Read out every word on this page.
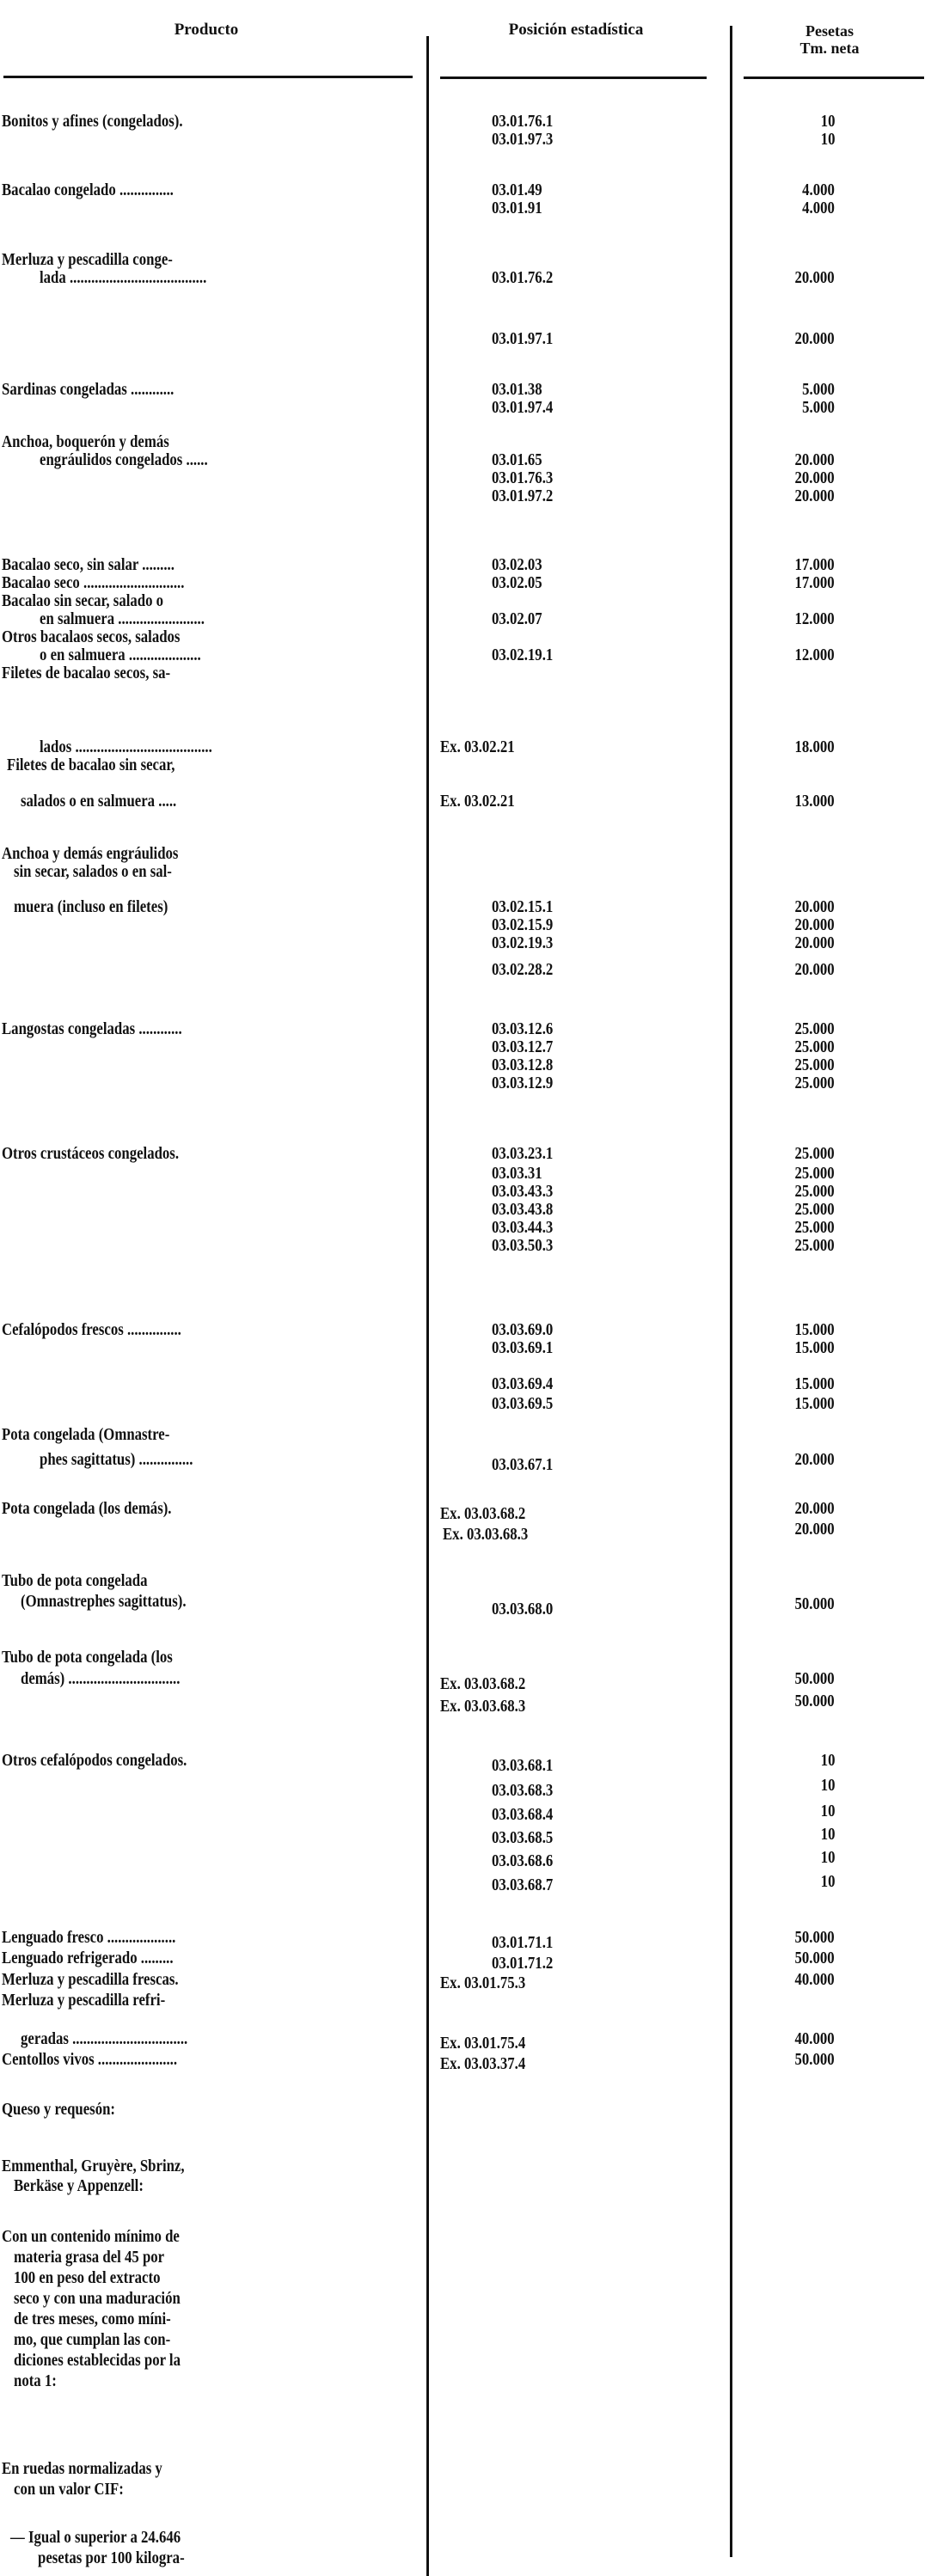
Producto	Posición estadística	Pesetas
Tm. neta
Bonitos y afines (congelados).	03.01.76.1	10
03.01.97.3	10
Bacalao congelado ...............	03.01.49	4.000
03.01.91	4.000
Merluza y pescadilla conge-
lada ......................................	03.01.76.2	20.000
03.01.97.1	20.000
Sardinas congeladas ............	03.01.38	5.000
03.01.97.4	5.000
Anchoa, boquerón y demás
engráulidos congelados ......	03.01.65	20.000
03.01.76.3	20.000
03.01.97.2	20.000
Bacalao seco, sin salar .........	03.02.03	17.000
Bacalao seco ............................	03.02.05	17.000
Bacalao sin secar, salado o
en salmuera ........................	03.02.07	12.000
Otros bacalaos secos, salados
o en salmuera ....................	03.02.19.1	12.000
Filetes de bacalao secos, sa-
lados ......................................	Ex. 03.02.21	18.000
Filetes de bacalao sin secar,
salados o en salmuera .....	Ex. 03.02.21	13.000
Anchoa y demás engráulidos
sin secar, salados o en sal-
muera (incluso en filetes)	03.02.15.1	20.000
03.02.15.9	20.000
03.02.19.3	20.000
03.02.28.2	20.000
Langostas congeladas ............	03.03.12.6	25.000
03.03.12.7	25.000
03.03.12.8	25.000
03.03.12.9	25.000
Otros crustáceos congelados.	03.03.23.1	25.000
03.03.31	25.000
03.03.43.3	25.000
03.03.43.8	25.000
03.03.44.3	25.000
03.03.50.3	25.000
Cefalópodos frescos ...............	03.03.69.0	15.000
03.03.69.1	15.000
03.03.69.4	15.000
03.03.69.5	15.000
Pota congelada (Omnastre-
phes sagittatus) ...............	03.03.67.1	20.000
Pota congelada (los demás).	Ex. 03.03.68.2	20.000
Ex. 03.03.68.3	20.000
Tubo de pota congelada
(Omnastrephes sagittatus).	03.03.68.0	50.000
Tubo de pota congelada (los
demás) ...............................	Ex. 03.03.68.2	50.000
Ex. 03.03.68.3	50.000
Otros cefalópodos congelados.	03.03.68.1	10
03.03.68.3	10
03.03.68.4	10
03.03.68.5	10
03.03.68.6	10
03.03.68.7	10
Lenguado fresco ...................	03.01.71.1	50.000
Lenguado refrigerado .........	03.01.71.2	50.000
Merluza y pescadilla frescas.	Ex. 03.01.75.3	40.000
Merluza y pescadilla refri-
geradas ................................	Ex. 03.01.75.4	40.000
Centollos vivos ......................	Ex. 03.03.37.4	50.000
Queso y requesón:
Emmenthal, Gruyère, Sbrinz,
Berkäse y Appenzell:
Con un contenido mínimo de
materia grasa del 45 por
100 en peso del extracto
seco y con una maduración
de tres meses, como míni-
mo, que cumplan las con-
diciones establecidas por la
nota 1:
En ruedas normalizadas y
con un valor CIF:
— Igual o superior a 24.646
pesetas por 100 kilogra-
